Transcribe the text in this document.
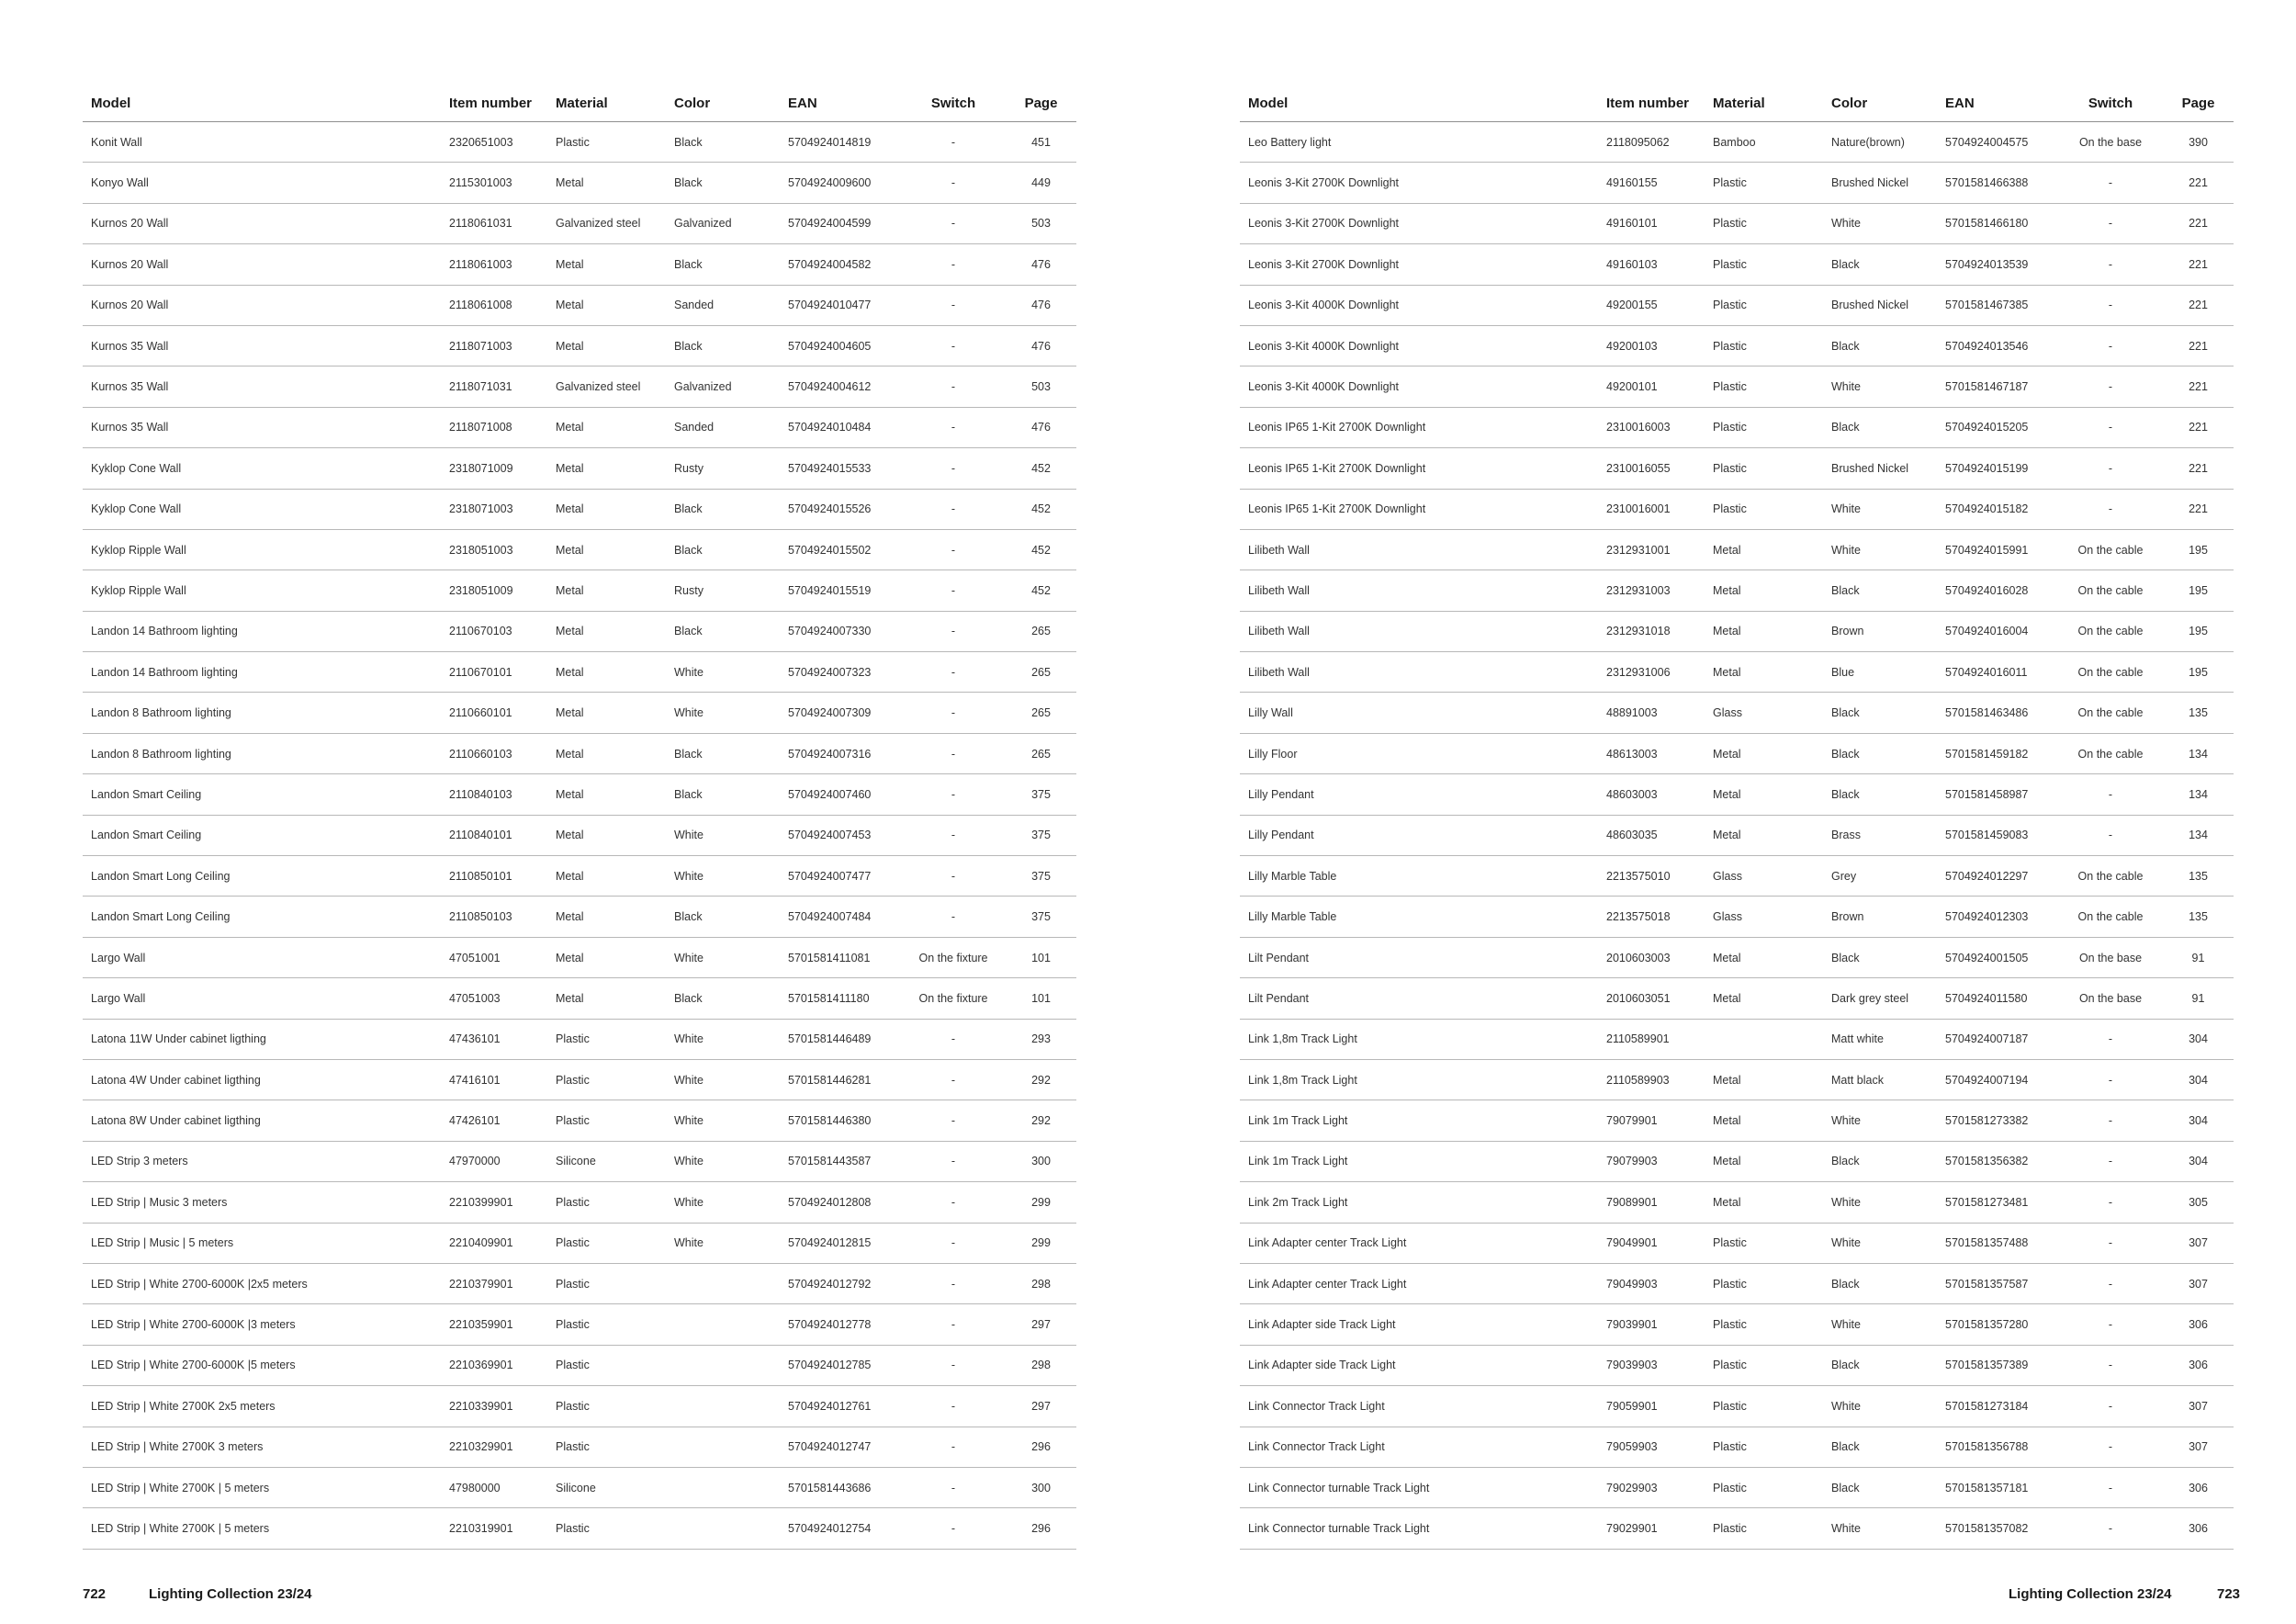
Model	Item number	Material	Color	EAN	Switch	Page
Konit Wall	2320651003	Plastic	Black	5704924014819	-	451
Konyo Wall	2115301003	Metal	Black	5704924009600	-	449
Kurnos 20 Wall	2118061031	Galvanized steel	Galvanized	5704924004599	-	503
Kurnos 20 Wall	2118061003	Metal	Black	5704924004582	-	476
Kurnos 20 Wall	2118061008	Metal	Sanded	5704924010477	-	476
Kurnos 35 Wall	2118071003	Metal	Black	5704924004605	-	476
Kurnos 35 Wall	2118071031	Galvanized steel	Galvanized	5704924004612	-	503
Kurnos 35 Wall	2118071008	Metal	Sanded	5704924010484	-	476
Kyklop Cone Wall	2318071009	Metal	Rusty	5704924015533	-	452
Kyklop Cone Wall	2318071003	Metal	Black	5704924015526	-	452
Kyklop Ripple Wall	2318051003	Metal	Black	5704924015502	-	452
Kyklop Ripple Wall	2318051009	Metal	Rusty	5704924015519	-	452
Landon 14 Bathroom lighting	2110670103	Metal	Black	5704924007330	-	265
Landon 14 Bathroom lighting	2110670101	Metal	White	5704924007323	-	265
Landon 8 Bathroom lighting	2110660101	Metal	White	5704924007309	-	265
Landon 8 Bathroom lighting	2110660103	Metal	Black	5704924007316	-	265
Landon Smart Ceiling	2110840103	Metal	Black	5704924007460	-	375
Landon Smart Ceiling	2110840101	Metal	White	5704924007453	-	375
Landon Smart Long Ceiling	2110850101	Metal	White	5704924007477	-	375
Landon Smart Long Ceiling	2110850103	Metal	Black	5704924007484	-	375
Largo Wall	47051001	Metal	White	5701581411081	On the fixture	101
Largo Wall	47051003	Metal	Black	5701581411180	On the fixture	101
Latona 11W Under cabinet ligthing	47436101	Plastic	White	5701581446489	-	293
Latona 4W Under cabinet ligthing	47416101	Plastic	White	5701581446281	-	292
Latona 8W Under cabinet ligthing	47426101	Plastic	White	5701581446380	-	292
LED Strip 3 meters	47970000	Silicone	White	5701581443587	-	300
LED Strip | Music 3 meters	2210399901	Plastic	White	5704924012808	-	299
LED Strip | Music | 5 meters	2210409901	Plastic	White	5704924012815	-	299
LED Strip | White 2700-6000K |2x5 meters	2210379901	Plastic		5704924012792	-	298
LED Strip | White 2700-6000K |3 meters	2210359901	Plastic		5704924012778	-	297
LED Strip | White 2700-6000K |5 meters	2210369901	Plastic		5704924012785	-	298
LED Strip | White 2700K 2x5 meters	2210339901	Plastic		5704924012761	-	297
LED Strip | White 2700K 3 meters	2210329901	Plastic		5704924012747	-	296
LED Strip | White 2700K | 5 meters	47980000	Silicone		5701581443686	-	300
LED Strip | White 2700K | 5 meters	2210319901	Plastic		5704924012754	-	296
Model	Item number	Material	Color	EAN	Switch	Page
Leo Battery light	2118095062	Bamboo	Nature(brown)	5704924004575	On the base	390
Leonis 3-Kit 2700K Downlight	49160155	Plastic	Brushed Nickel	5701581466388	-	221
Leonis 3-Kit 2700K Downlight	49160101	Plastic	White	5701581466180	-	221
Leonis 3-Kit 2700K Downlight	49160103	Plastic	Black	5704924013539	-	221
Leonis 3-Kit 4000K Downlight	49200155	Plastic	Brushed Nickel	5701581467385	-	221
Leonis 3-Kit 4000K Downlight	49200103	Plastic	Black	5704924013546	-	221
Leonis 3-Kit 4000K Downlight	49200101	Plastic	White	5701581467187	-	221
Leonis IP65 1-Kit 2700K Downlight	2310016003	Plastic	Black	5704924015205	-	221
Leonis IP65 1-Kit 2700K Downlight	2310016055	Plastic	Brushed Nickel	5704924015199	-	221
Leonis IP65 1-Kit 2700K Downlight	2310016001	Plastic	White	5704924015182	-	221
Lilibeth Wall	2312931001	Metal	White	5704924015991	On the cable	195
Lilibeth Wall	2312931003	Metal	Black	5704924016028	On the cable	195
Lilibeth Wall	2312931018	Metal	Brown	5704924016004	On the cable	195
Lilibeth Wall	2312931006	Metal	Blue	5704924016011	On the cable	195
Lilly Wall	48891003	Glass	Black	5701581463486	On the cable	135
Lilly Floor	48613003	Metal	Black	5701581459182	On the cable	134
Lilly Pendant	48603003	Metal	Black	5701581458987	-	134
Lilly Pendant	48603035	Metal	Brass	5701581459083	-	134
Lilly Marble Table	2213575010	Glass	Grey	5704924012297	On the cable	135
Lilly Marble Table	2213575018	Glass	Brown	5704924012303	On the cable	135
Lilt Pendant	2010603003	Metal	Black	5704924001505	On the base	91
Lilt Pendant	2010603051	Metal	Dark grey steel	5704924011580	On the base	91
Link 1,8m Track Light	2110589901		Matt white	5704924007187	-	304
Link 1,8m Track Light	2110589903	Metal	Matt black	5704924007194	-	304
Link 1m Track Light	79079901	Metal	White	5701581273382	-	304
Link 1m Track Light	79079903	Metal	Black	5701581356382	-	304
Link 2m Track Light	79089901	Metal	White	5701581273481	-	305
Link Adapter center Track Light	79049901	Plastic	White	5701581357488	-	307
Link Adapter center Track Light	79049903	Plastic	Black	5701581357587	-	307
Link Adapter side Track Light	79039901	Plastic	White	5701581357280	-	306
Link Adapter side Track Light	79039903	Plastic	Black	5701581357389	-	306
Link Connector Track Light	79059901	Plastic	White	5701581273184	-	307
Link Connector Track Light	79059903	Plastic	Black	5701581356788	-	307
Link Connector turnable Track Light	79029903	Plastic	Black	5701581357181	-	306
Link Connector turnable Track Light	79029901	Plastic	White	5701581357082	-	306
722	Lighting Collection 23/24	Lighting Collection 23/24	723
